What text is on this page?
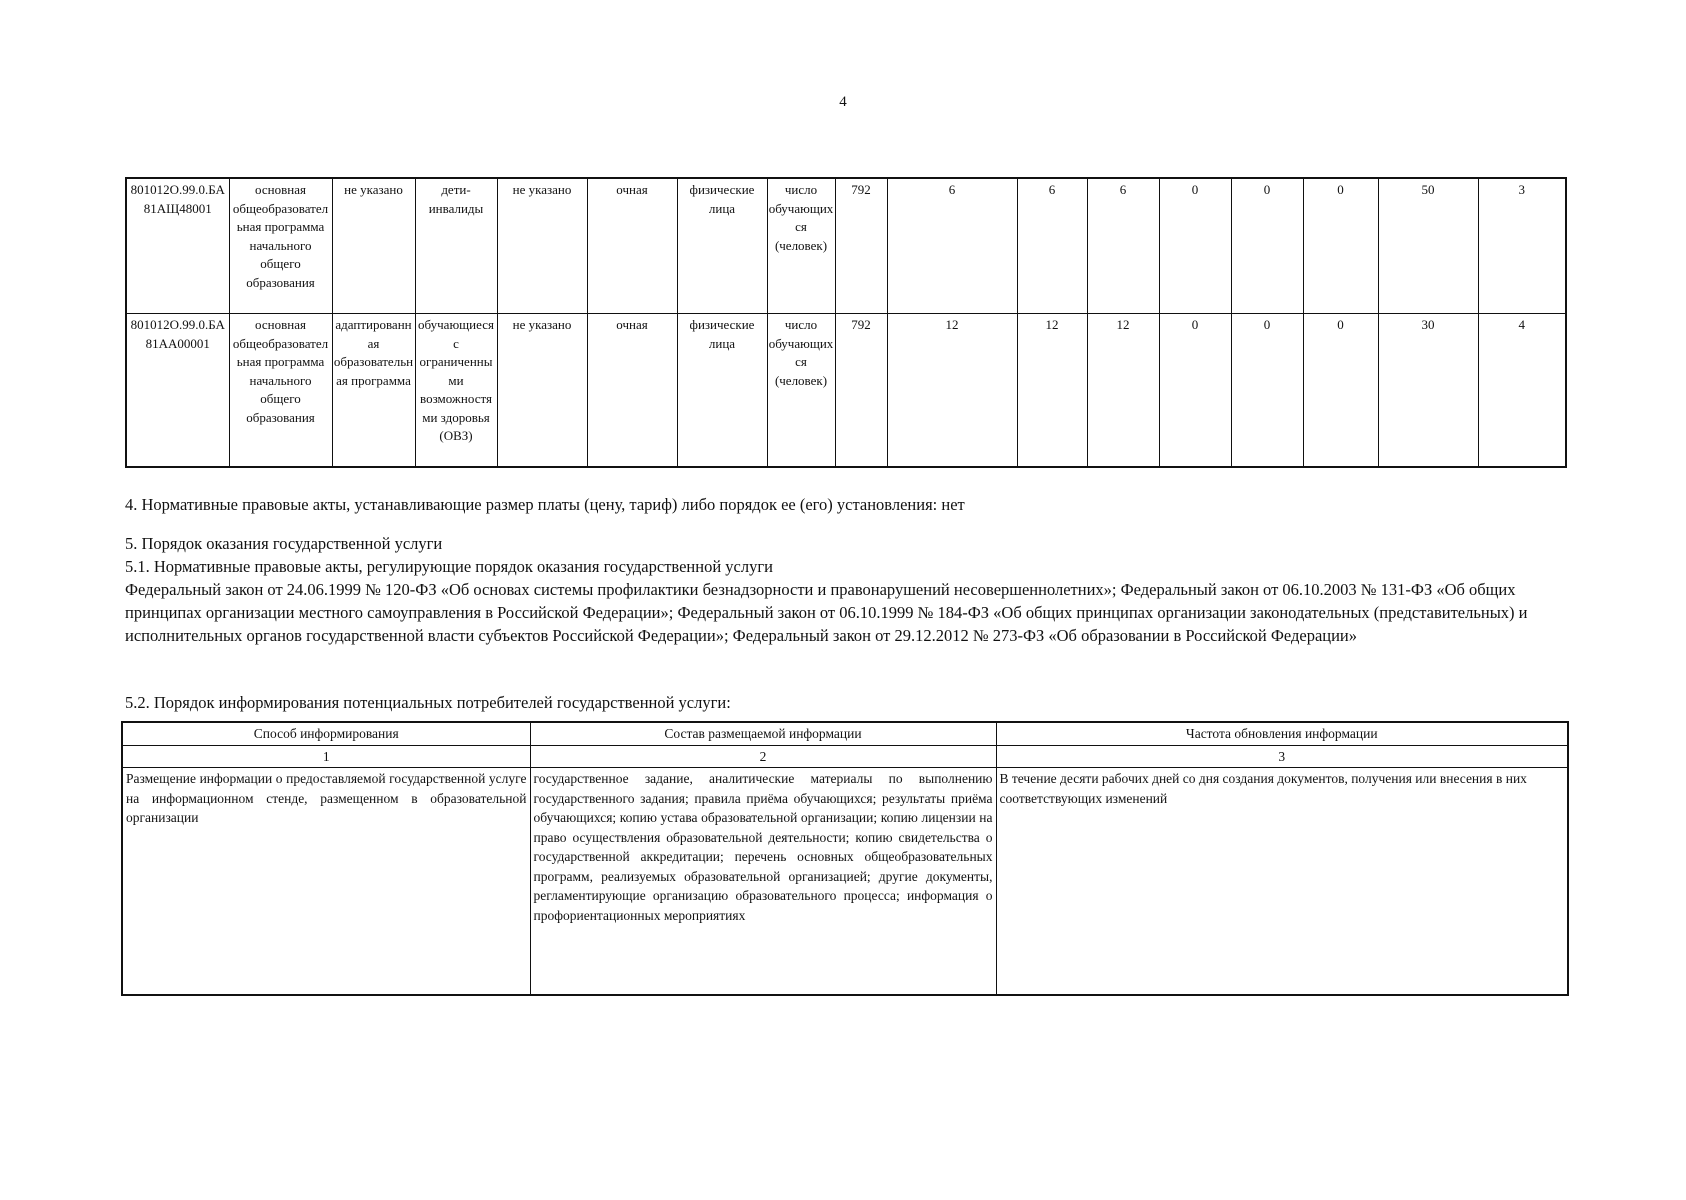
4
801012О.99.0.БА81АЩ48001	основная общеобразовательная программа начального общего образования	не указано	дети-инвалиды	не указано	очная	физические лица	число обучающихся (человек)	792	6	6	6	0	0	0	50	3
801012О.99.0.БА81АА00001	основная общеобразовательная программа начального общего образования	адаптированная образовательная программа	обучающиеся с ограниченными возможностями здоровья (ОВЗ)	не указано	очная	физические лица	число обучающихся (человек)	792	12	12	12	0	0	0	30	4
4. Нормативные правовые акты, устанавливающие размер платы (цену, тариф) либо порядок ее (его) установления: нет
5. Порядок оказания государственной услуги
5.1. Нормативные правовые акты, регулирующие порядок оказания государственной услуги
Федеральный закон от 24.06.1999 № 120-ФЗ «Об основах системы профилактики безнадзорности и правонарушений несовершеннолетних»; Федеральный закон от 06.10.2003 № 131-ФЗ «Об общих принципах организации местного самоуправления в Российской Федерации»; Федеральный закон от 06.10.1999 № 184-ФЗ «Об общих принципах организации законодательных (представительных) и исполнительных органов государственной власти субъектов Российской Федерации»; Федеральный закон от 29.12.2012 № 273-ФЗ «Об образовании в Российской Федерации»
5.2. Порядок информирования потенциальных потребителей государственной услуги:
Способ информирования	Состав размещаемой информации	Частота обновления информации
1	2	3
Размещение информации о предоставляемой государственной услуге на информационном стенде, размещенном в образовательной организации	государственное задание, аналитические материалы по выполнению государственного задания; правила приёма обучающихся; результаты приёма обучающихся; копию устава образовательной организации; копию лицензии на право осуществления образовательной деятельности; копию свидетельства о государственной аккредитации; перечень основных общеобразовательных программ, реализуемых образовательной организацией; другие документы, регламентирующие организацию образовательного процесса; информация о профориентационных мероприятиях	В течение десяти рабочих дней со дня создания документов, получения или внесения в них соответствующих изменений
